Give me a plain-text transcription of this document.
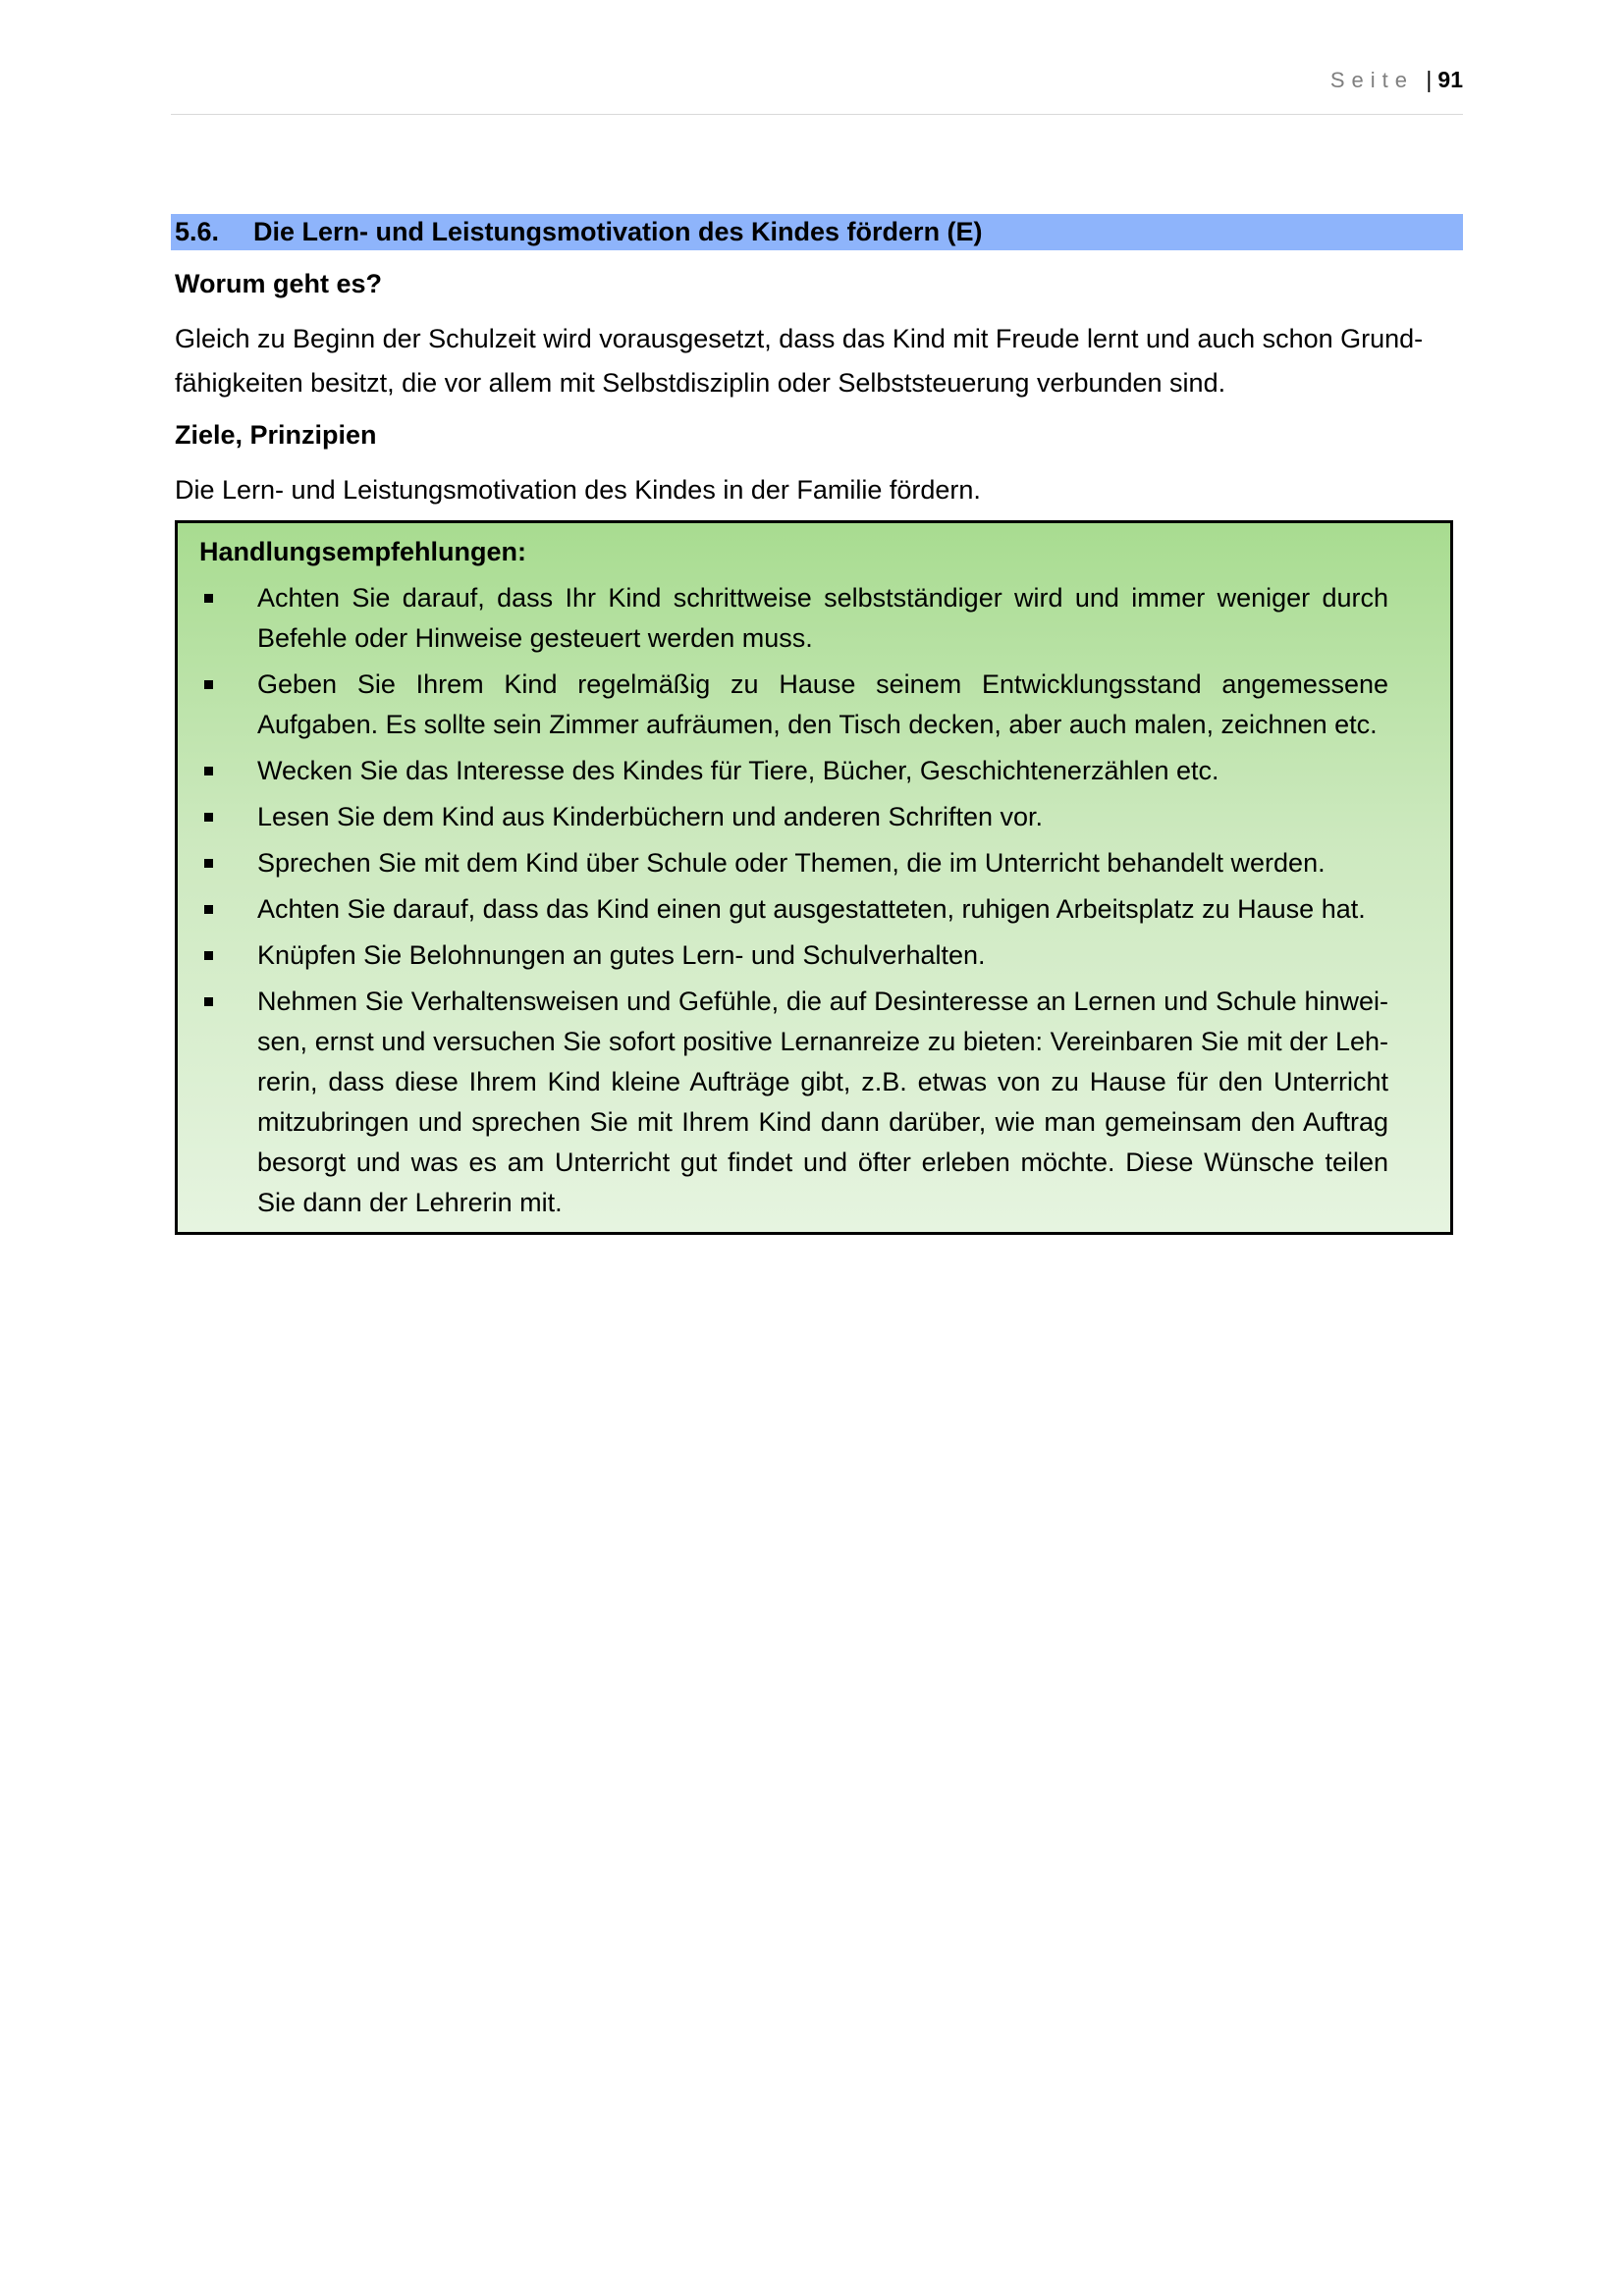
Seite | 91
5.6. Die Lern- und Leistungsmotivation des Kindes fördern (E)
Worum geht es?
Gleich zu Beginn der Schulzeit wird vorausgesetzt, dass das Kind mit Freude lernt und auch schon Grund-
fähigkeiten besitzt, die vor allem mit Selbstdisziplin oder Selbststeuerung verbunden sind.
Ziele, Prinzipien
Die Lern- und Leistungsmotivation des Kindes in der Familie fördern.
Handlungsempfehlungen:
Achten Sie darauf, dass Ihr Kind schrittweise selbstständiger wird und immer weniger durch Befehle oder Hinweise gesteuert werden muss.
Geben Sie Ihrem Kind regelmäßig zu Hause seinem Entwicklungsstand angemessene Aufgaben. Es sollte sein Zimmer aufräumen, den Tisch decken, aber auch malen, zeichnen etc.
Wecken Sie das Interesse des Kindes für Tiere, Bücher, Geschichtenerzählen etc.
Lesen Sie dem Kind aus Kinderbüchern und anderen Schriften vor.
Sprechen Sie mit dem Kind über Schule oder Themen, die im Unterricht behandelt werden.
Achten Sie darauf, dass das Kind einen gut ausgestatteten, ruhigen Arbeitsplatz zu Hause hat.
Knüpfen Sie Belohnungen an gutes Lern- und Schulverhalten.
Nehmen Sie Verhaltensweisen und Gefühle, die auf Desinteresse an Lernen und Schule hinwei-sen, ernst und versuchen Sie sofort positive Lernanreize zu bieten: Vereinbaren Sie mit der Leh-rerin, dass diese Ihrem Kind kleine Aufträge gibt, z.B. etwas von zu Hause für den Unterricht mitzubringen und sprechen Sie mit Ihrem Kind dann darüber, wie man gemeinsam den Auftrag besorgt und was es am Unterricht gut findet und öfter erleben möchte. Diese Wünsche teilen Sie dann der Lehrerin mit.
